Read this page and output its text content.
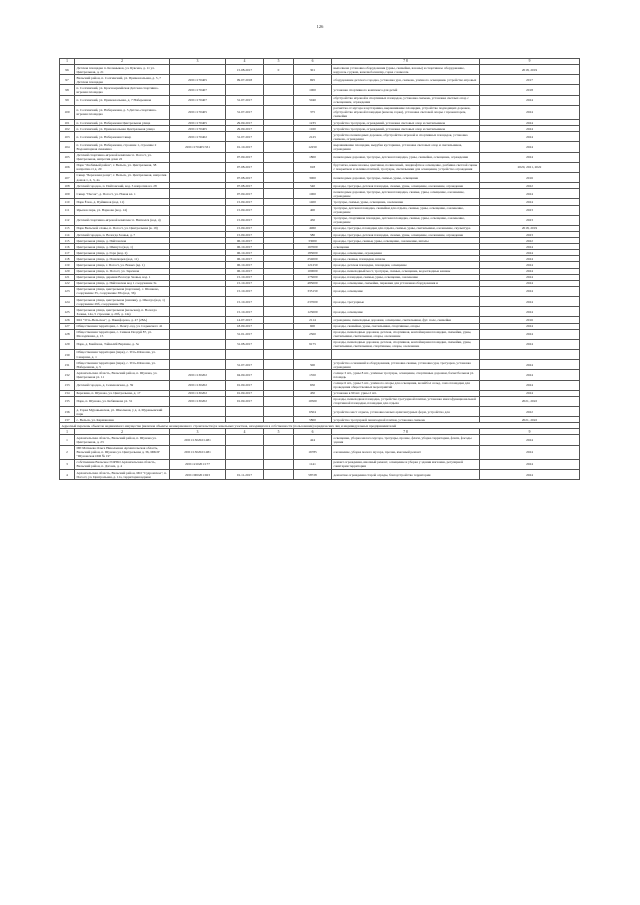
126
1	2	3	4	5	6	7 8	9
96	Детская площадка п. Кольмыков, ул. Бувсева, д. 11 ул. Центральная, д. 21		15.08.2017	0	301	выполнена установка оборудования (урны, скамейки, вазоны) и спортивное оборудование, карусель с рукам, качели-балансир, горка с навесом.	2018, 2019
97	Вельский район, п. Солгинский, ул. Привокзальная, д. 5 ,7 Детская площадка	29:01:170405	09.07.2018		695	оборудование детского городка, установка урн, скамеек, уличного освещения. устройство игровых	2017
98	п. Солгинский, ул. Красноармейская Детская спортивно-игровая площадка	29:01:170407			1000	установка спортивного комплекса для детей	2018
99	п. Солгинский, ул. Привокзальная, д. 7 Набережная	29:01:170407	31.07.2017		5040	обустройство игровой и спортивных площадок, установка скамеек, установка светлых опор с освещением, ограждения	2024
100	п. Солгинский, ул. Набережная, д. 3 Детско-спортивно-игровая площадка	29:01:170405	31.07.2017		375	расчистка от мусора и кустарника, выравнивание площадки, устройство подходящих дорожек, обустройство игровой площадки (качели, горка), установка световой опоры с прожектором, скамейки	2024
101	п. Солгинский, ул. Набережная Центральная улица	29:01:170405	29.09.2017		1235	устройство тротуаров, ограждений, установка световых опор и светильников	2024
102	п. Солгинский, ул. Привокзальная Центральная улица	29:01:170405	29.09.2017		1160	устройство тротуаров, ограждений, установка световых опор и светильников	2024
103	п. Солгинский, ул. Набережная Сквер	29:01:170402	31.07.2017		2125	устройство пешеходных дорожек, обустройство игровой и спортивных площадок, установка скамеек, ограждения	2024
104	п. Солгинский, ул. Набережная, строение 1, строение 2 Водонапорная скважина	29:01:170405:331	01.10.2017		12250	выравнивание площадки, вырубка кустарника, установка световых опор и светильников, ограждения	2024
105	Детский спортивно-игровой комплекс п. Погост, ул. Центральная, напротив дома 22		07.09.2017		1800	пешеходные дорожки, тротуары, детская площадка, урны, скамейки, освещение, ограждения	2024
106	Парк "Любимый район", г. Вельск, ул. Центральная, 38 напротив от д. 20		07.08.2017		918	брусчатка, какие вазоны, цветники, поливочный, ландшафтное освещение, разбивка светлой сцены с покрытием и заливка плиткой, тротуары, светильники для освещения, устройство ограждения	2020, 2021, 2022
107	Сквер "Березовая роща", г. Вельск, ул. Центральная, напротив домов 1, 2, 3, 4а		07.08.2017		3000	пешеходные дорожки, тротуары, скамьи, урны, освещение	2016
108	Детский городок, п. Пайтовский, вод. 3 напротив вл. 28		07.08.2017		540	проезды, тротуары, детская площадка, скамьи, урны, освещение, озеленение, ограждение	2022
109	Сквер "Песок", д. Погост, ул. Новая вл. 1		07.09.2017		1000	пешеходные дорожки, тротуары, детская площадка, скамьи, урны, освещение, озеленение, ограждение	2024
110	Парк Ёлок, д. Пуйвинов (вод. 11)		15.09.2017		1400	тротуары, скамьи, урны, освещение, озеленение	2024
111	Ярылов парк, ул. Варнова (вод. 14)		15.09.2017		400	тротуары, детская площадка, скамейки для отдыха, скамьи, урны, освещение, озеленение, ограждение	2023
112	Детский спортивно-игровой комплекс п. Вигвалсв (вод. 4)		15.09.2017		450	тротуары, спортивная площадка, детская площадка, скамьи, урны, освещение, озеленение, ограждение	2023
113	Парк Вельской славы, п. Погост, ул. Центральная (в. 19)		15.09.2017		4960	проезды, тротуары, площадки для отдыха, скамьи, урны, светильники, озеленение, скульптура	2018, 2019
114	Детский городок, п. Вологда Заовья, д. 7		15.09.2017		580	проезды, тротуары, детская площадка, скамьи, урны, освещение, озеленение, ограждение	2023
115	Центральная улица, д. Пайтовская		06.10.2017		33000	проезды, тротуары, скамьи, урны, освещение, озеленение, шпалы	2022
116	Центральная улица, д. Шешуга (вод. 1)		06.10.2017		167000	освещение	2024
117	Центральная улица, д. Гора (вод. 2)		06.10.2017		183000	проезды, освещение, ограждения	2024
118	Центральная улица, д. Пономарев (вод. 11)		06.10.2017		254000	проезды, скамьи, площадки, шпалы	2024
119	Центральная улица, г. Погост, ул. Вовых (вд. 1)		06.10.2017		121250	проезды, детская площадка, площадки, освещение	2024
120	Центральная улица, п. Погост, ул. Заречная		06.10.2017		100000	проезды, пешеходный мост, тротуары, скамьи, освещение, водоотводные канавы	2024
121	Центральная улица, деревня Вологда Заовья, вод. 1		15.10.2017		175000	проезды, площадки, скамьи, урны, освещение, озеленение	2024
122	Центральная улица, д. Пайтовская вод 1 сооружение 3а		15.10.2017		485000	проезды, освещение, скамейки, парковки для установки оборудования и	2024
123	Центральная улица, центральная (портовая), с. Шонково, сооружение 35, сооружение 38а (вод. 36)		15.10.2017		335150	проезды, освещение	2024
124	Центральная улица, центральная (шашки), д. Шеогда (вод. 1) сооружение 29б, сооружение 38а		15.10.2017		237000	проезды, тротуарные	2024
125	Центральная улица, центральная (вельская), п. Вологда Заовья, 14а, 5 строение д. 29б, д. 14а)		15.10.2017		123000	проезды, освещение	2024
126	МО "Усть-Вельское", д. Пакифорово, д. 47 (28А)		14.07.2017		2114	ограждение, пешеходные дорожки, освещение, светильники, фут. поле, скамейки	2016
127	Общественная территория, с. Пенсу-сад, ул. Садыкского 41		18.09.2017		600	проезды, скамейки, урны, светильники, спортивные, опоры	2024
128	Общественная территория, с. Сивков Пелдуй 87, ул. Молодёжная, д. 15		31.01.2017		2500	проезды, пешеходные дорожки, детская, спортивная, контейнерная площадки, скамейки, урны, светильники, светильники, опоры, озеленение	2024
129	Парк, д. Бнейхова, Тойкалёй Верхние, д. 3а		31.08.2017		9175	проезды, пешеходные дорожки, детская, спортивная, контейнерная площадки, скамейки, урны, светильники, светильники, спортивные, опоры, озеленение	2024
130	Общественная территория (парк), с. Усть-Шоноша, ул. Северная, д. 1						
131	Общественная территория (парк), с. Усть-Шоноша, ул. Набережная, д. 5		31.07.2017		500	устройство оснований и оборудования, установка скамьи, установка урн, тротуаров, установка ограждения	2024
132	Архангельская область, Вельский район, п. Шунова, ул. Центральная ул. 11	29:01:130202	04.09.2017		1350	солнце 3 шт., урны 8 шт., уличные тротуары, освещение, спортивные дорожки, баскетбольная ул. площадь	2024
133	Детский городок, д. Семеновская, д. 59	29:01:130202	01.09.2017		650	солнце 6 шт., урны 5 шт., уличного опоры для освещения, волейбол сельд, само площадки для проведения общественных мероприятий	2024
134	Березник, п. Шунова, ул. Центральная, д. 17	29:01:130202	01.09.2017		450	установка в 90 шт. урны 2 шт.	2024
135	Парк, п. Шунова, ул. Кобяшкова ул. 31	29:01:130202	01.09.2017		10500	проезды, пешеходная площадка, устройство тротуарной плитки, установка многофункциональной спортивной площадки, площадки для отдыха	2021, 2022
136	д. Горка Муравьевская, ул. Школьная, у д. 4, Муравьевский парк				6504	устройство мест отдыха, установка малых архитектурных форм, устройство для	2022
137	с. Вельск, ул. Кармановна				5800	устройство тротуарной пешеходной плитки, установка скамеек	2021, 2022
Адресный перечень объектов недвижимого имущества (включая объекты незавершенного строительства) и земельных участков, находящихся в собственности (пользовании) юридических лиц и индивидуальных предпринимателей							
1	2	3	4	5	6	7 8	9
1	Архангельская область, Вельский район, п. Шунова ул. Центральная, д. 23	29:01:130202:1481			424	освещение, уборка малого мусора, тротуары, прочие, флаги, уборка территории, флаги, фасады здания	2024
2	ИП Матвеева Ольга Николаевна Архангельская область, Вельский район, п. Шунова ул. Центральная д. 36, МБОУ "Шуновская ОШ № 19"	29:01:130202:1481			16785	озеленение, уборка малого мусора, прочие, ямочный ремонт	2024
3	собственник Вельское ГОРПО Архангельская область, Вельский район, п. Дагома, д. 4	29:01:210201:177			1141	ремонт ограждения, ямочный ремонт, освещение и уборка у здания магазина, регулярной санитарии территории	2024
4	Архангельская область, Вельский район, МО "Судромское", п. Погост, ул. Центральная, д. 11а, территория церкви	29:01:000201:923	01.11.2017		58728	демонтаж ограждения старой ограды, благоустройство территории	2024
